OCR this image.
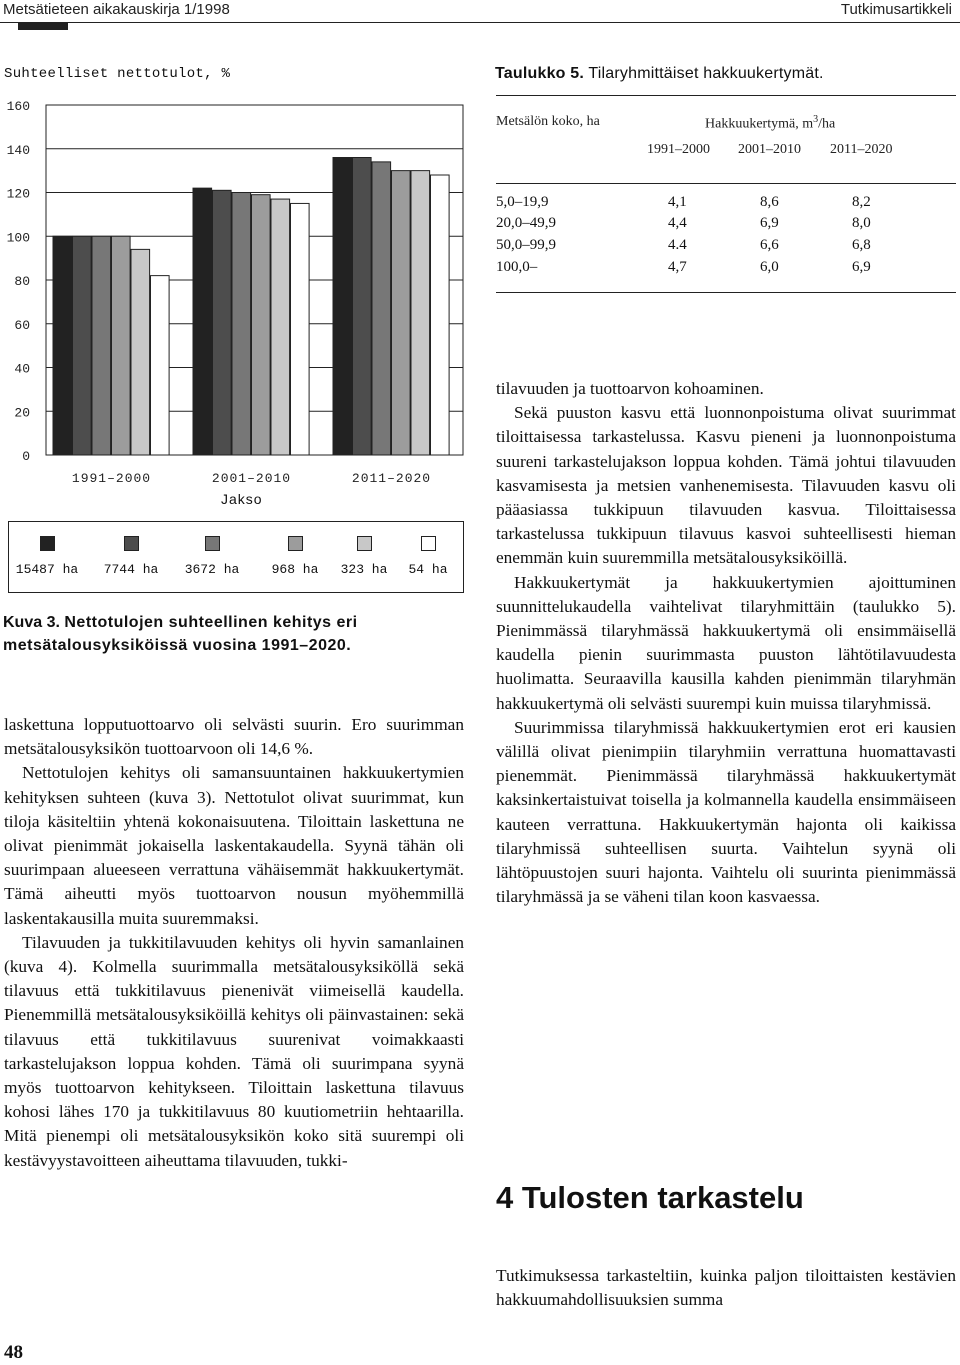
Metsätieteen aikakauskirja 1/1998	Tutkimusartikkeli
Suhteelliset nettotulot, %
0
20
40
60
80
100
120
140
160
1991–2000	2001–2010	2011–2020
Jakso
15487 ha	7744 ha	3672 ha	968 ha	323 ha	54 ha
Kuva 3. Nettotulojen suhteellinen kehitys eri metsätalousyksiköissä vuosina 1991–2020.
Taulukko 5. Tilaryhmittäiset hakkuukertymät.
Metsälön koko, ha	Hakkuukertymä, $m^3/ha$
1991–2000 2001–2010 2011–2020
5,0–19,9	4,1	8,6	8,2
20,0–49,9	4,4	6,9	8,0
50,0–99,9	4.4	6,6	6,8
100,0–	4,7	6,0	6,9

laskettuna lopputuottoarvo oli selvästi suurin. Ero suurimman metsätalousyksikön tuottoarvoon oli 14,6 %.

Nettotulojen kehitys oli samansuuntainen hakkuukertymien kehityksen suhteen (kuva 3). Nettotulot olivat suurimmat, kun tiloja käsiteltiin yhtenä kokonaisuutena. Tiloittain laskettuna ne olivat pienimmät jokaisella laskentakaudella. Syynä tähän oli suurimpaan alueeseen verrattuna vähäisemmät hakkuukertymät. Tämä aiheutti myös tuottoarvon nousun myöhemmillä laskentakausilla muita suuremmaksi.

Tilavuuden ja tukkitilavuuden kehitys oli hyvin samanlainen (kuva 4). Kolmella suurimmalla metsätalousyksiköllä sekä tilavuus että tukkitilavuus pienenivät viimeisellä kaudella. Pienemmillä metsätalousyksiköillä kehitys oli päinvastainen: sekä tilavuus että tukkitilavuus suurenivat voimakkaasti tarkastelujakson loppua kohden. Tämä oli suurimpana syynä myös tuottoarvon kehitykseen. Tiloittain laskettuna tilavuus kohosi lähes 170 ja tukkitilavuus 80 kuutiometriin hehtaarilla. Mitä pienempi oli metsätalousyksikön koko sitä suurempi oli kestävyystavoitteen aiheuttama tilavuuden, tukki-

tilavuuden ja tuottoarvon kohoaminen.

Sekä puuston kasvu että luonnonpoistuma olivat suurimmat tiloittaisessa tarkastelussa. Kasvu pieneni ja luonnonpoistuma suureni tarkastelujakson loppua kohden. Tämä johtui tilavuuden kasvamisesta ja metsien vanhenemisesta. Tilavuuden kasvu oli pääasiassa tukkipuun tilavuuden kasvua. Tiloittaisessa tarkastelussa tukkipuun tilavuus kasvoi suhteellisesti hieman enemmän kuin suuremmilla metsätalousyksiköillä.

Hakkuukertymät ja hakkuukertymien ajoittuminen suunnittelukaudella vaihtelivat tilaryhmittäin (taulukko 5). Pienimmässä tilaryhmässä hakkuukertymä oli ensimmäisellä kaudella pienin suurimmasta puuston lähtötilavuudesta huolimatta. Seuraavilla kausilla kahden pienimmän tilaryhmän hakkuukertymä oli selvästi suurempi kuin muissa tilaryhmissä.

Suurimmissa tilaryhmissä hakkuukertymien erot eri kausien välillä olivat pienimpiin tilaryhmiin verrattuna huomattavasti pienemmät. Pienimmässä tilaryhmässä hakkuukertymät kaksinkertaistuivat toisella ja kolmannella kaudella ensimmäiseen kauteen verrattuna. Hakkuukertymän hajonta oli kaikissa tilaryhmissä suhteellisen suurta. Vaihtelun syynä oli lähtöpuustojen suuri hajonta. Vaihtelu oli suurinta pienimmässä tilaryhmässä ja se väheni tilan koon kasvaessa.

4 Tulosten tarkastelu

Tutkimuksessa tarkasteltiin, kuinka paljon tiloittaisten kestävien hakkuumahdollisuuksien summa

48
